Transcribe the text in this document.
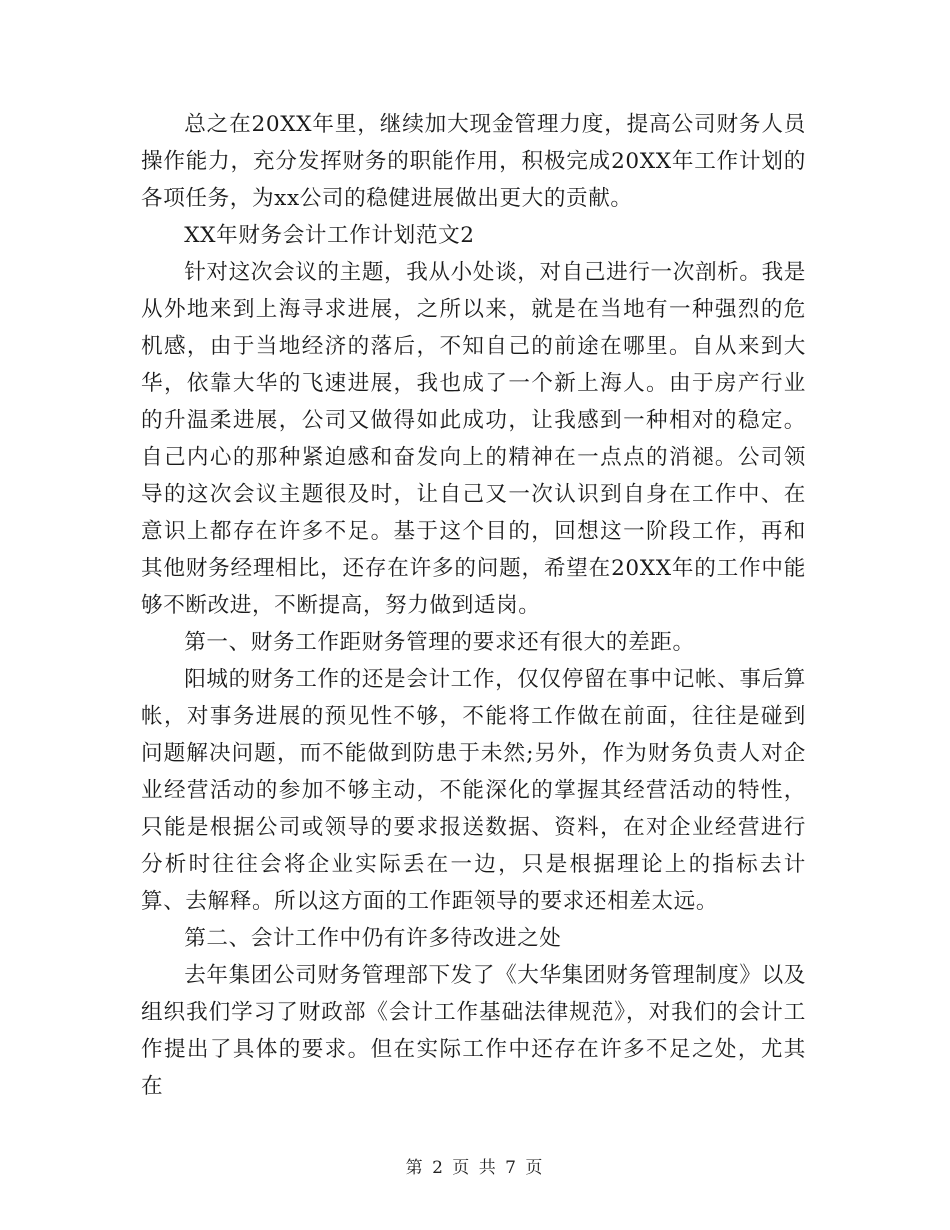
总之在20XX年里，继续加大现金管理力度，提高公司财务人员操作能力，充分发挥财务的职能作用，积极完成20XX年工作计划的各项任务，为xx公司的稳健进展做出更大的贡献。

XX年财务会计工作计划范文2

针对这次会议的主题，我从小处谈，对自己进行一次剖析。我是从外地来到上海寻求进展，之所以来，就是在当地有一种强烈的危机感，由于当地经济的落后，不知自己的前途在哪里。自从来到大华，依靠大华的飞速进展，我也成了一个新上海人。由于房产行业的升温柔进展，公司又做得如此成功，让我感到一种相对的稳定。自己内心的那种紧迫感和奋发向上的精神在一点点的消褪。公司领导的这次会议主题很及时，让自己又一次认识到自身在工作中、在意识上都存在许多不足。基于这个目的，回想这一阶段工作，再和其他财务经理相比，还存在许多的问题，希望在20XX年的工作中能够不断改进，不断提高，努力做到适岗。

第一、财务工作距财务管理的要求还有很大的差距。

阳城的财务工作的还是会计工作，仅仅停留在事中记帐、事后算帐，对事务进展的预见性不够，不能将工作做在前面，往往是碰到问题解决问题，而不能做到防患于未然;另外，作为财务负责人对企业经营活动的参加不够主动，不能深化的掌握其经营活动的特性，只能是根据公司或领导的要求报送数据、资料，在对企业经营进行分析时往往会将企业实际丢在一边，只是根据理论上的指标去计算、去解释。所以这方面的工作距领导的要求还相差太远。

第二、会计工作中仍有许多待改进之处

去年集团公司财务管理部下发了《大华集团财务管理制度》以及组织我们学习了财政部《会计工作基础法律规范》，对我们的会计工作提出了具体的要求。但在实际工作中还存在许多不足之处，尤其在

第 2 页 共 7 页
